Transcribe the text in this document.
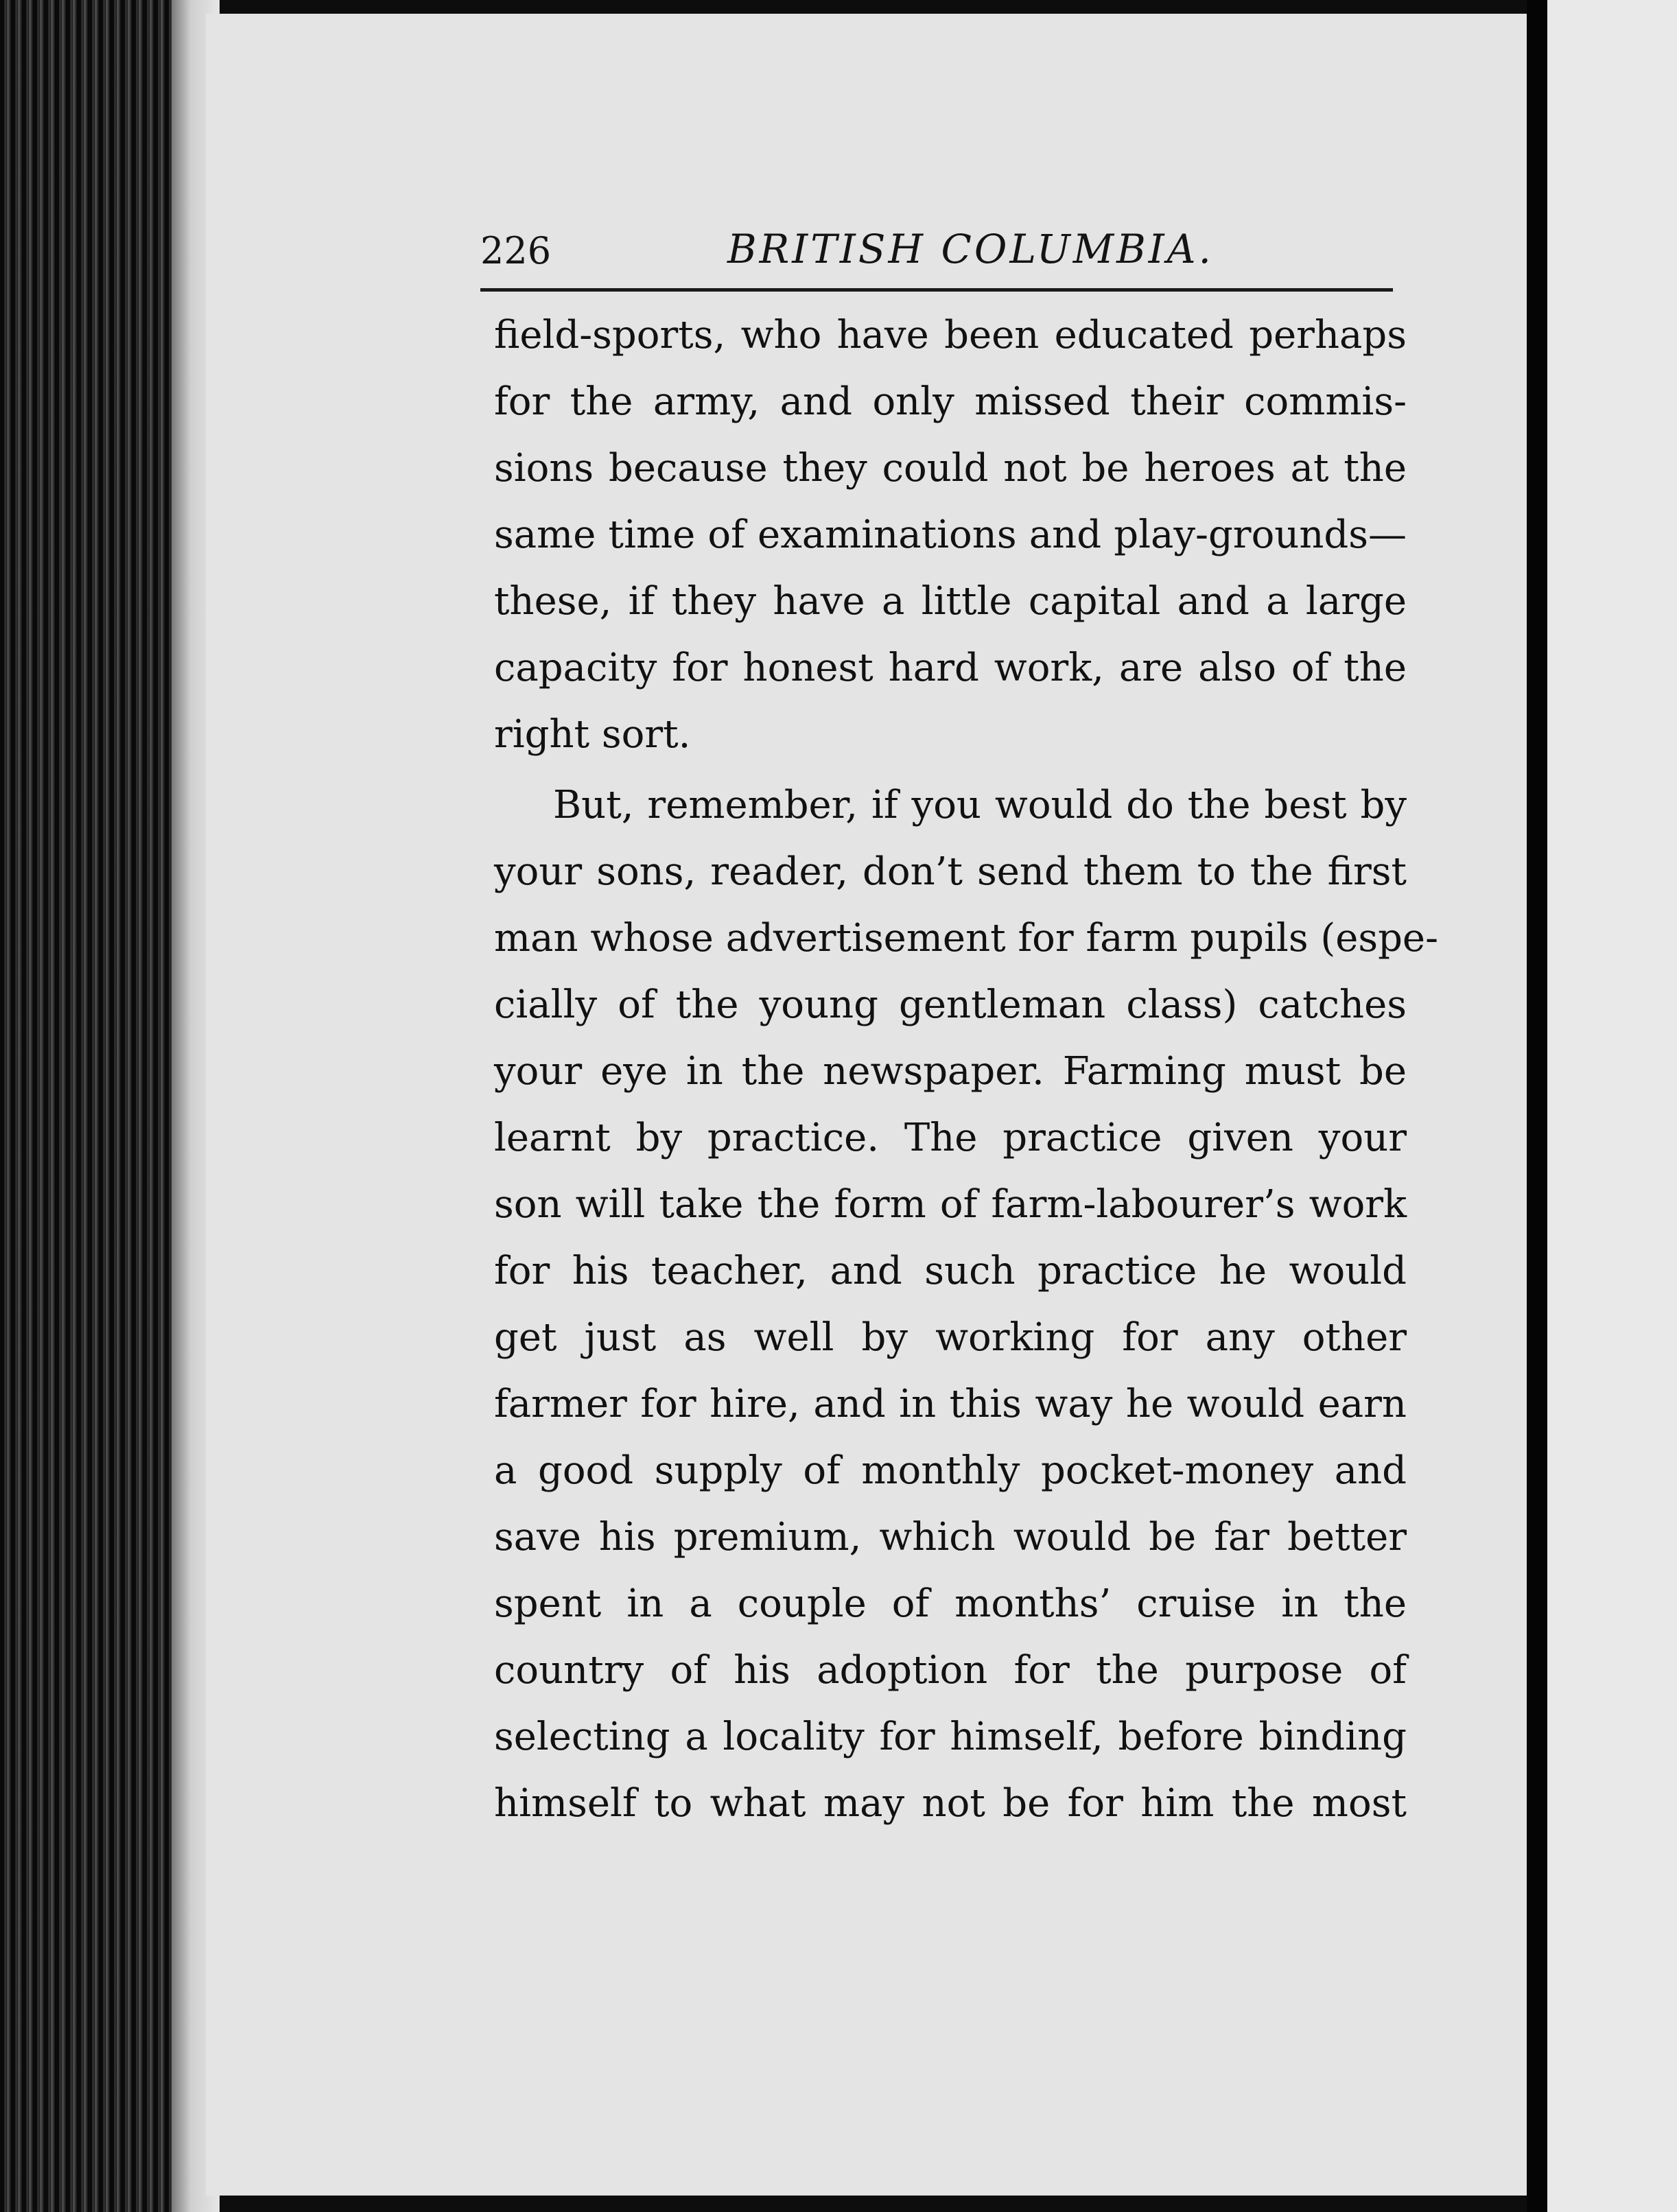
226	BRITISH COLUMBIA.
field-sports, who have been educated perhaps
for the army, and only missed their commis-
sions because they could not be heroes at the
same time of examinations and play-grounds—
these, if they have a little capital and a large
capacity for honest hard work, are also of the
right sort.
But, remember, if you would do the best by
your sons, reader, don’t send them to the first
man whose advertisement for farm pupils (espe-
cially of the young gentleman class) catches
your eye in the newspaper. Farming must be
learnt by practice. The practice given your
son will take the form of farm-labourer’s work
for his teacher, and such practice he would
get just as well by working for any other
farmer for hire, and in this way he would earn
a good supply of monthly pocket-money and
save his premium, which would be far better
spent in a couple of months’ cruise in the
country of his adoption for the purpose of
selecting a locality for himself, before binding
himself to what may not be for him the most
